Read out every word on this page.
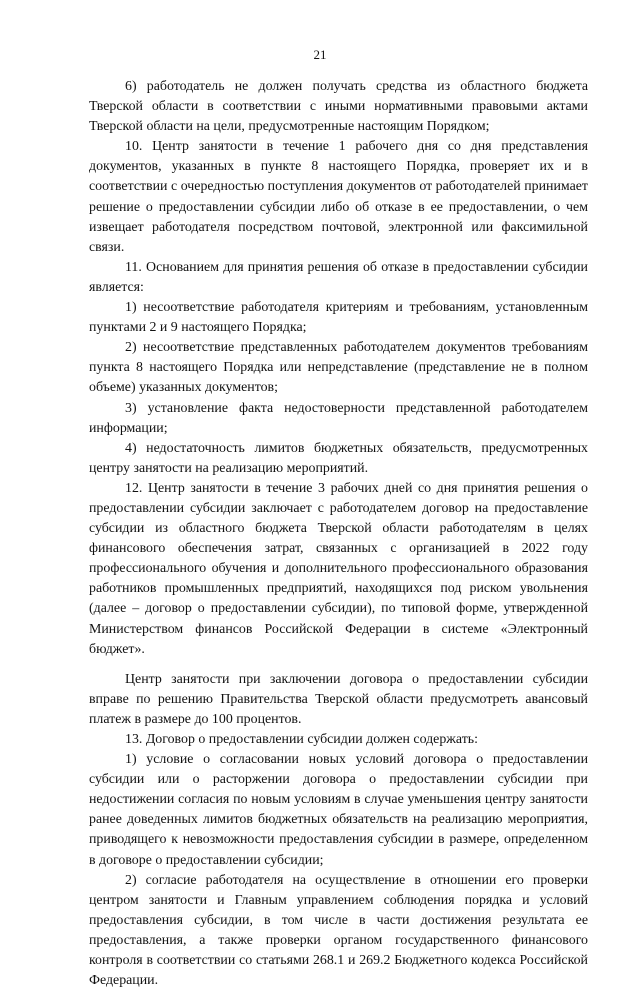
21

6) работодатель не должен получать средства из областного бюджета Тверской области в соответствии с иными нормативными правовыми актами Тверской области на цели, предусмотренные настоящим Порядком;

10. Центр занятости в течение 1 рабочего дня со дня представления документов, указанных в пункте 8 настоящего Порядка, проверяет их и в соответствии с очередностью поступления документов от работодателей принимает решение о предоставлении субсидии либо об отказе в ее предоставлении, о чем извещает работодателя посредством почтовой, электронной или факсимильной связи.

11. Основанием для принятия решения об отказе в предоставлении субсидии является:

1) несоответствие работодателя критериям и требованиям, установленным пунктами 2 и 9 настоящего Порядка;

2) несоответствие представленных работодателем документов требованиям пункта 8 настоящего Порядка или непредставление (представление не в полном объеме) указанных документов;

3) установление факта недостоверности представленной работодателем информации;

4) недостаточность лимитов бюджетных обязательств, предусмотренных центру занятости на реализацию мероприятий.

12. Центр занятости в течение 3 рабочих дней со дня принятия решения о предоставлении субсидии заключает с работодателем договор на предоставление субсидии из областного бюджета Тверской области работодателям в целях финансового обеспечения затрат, связанных с организацией в 2022 году профессионального обучения и дополнительного профессионального образования работников промышленных предприятий, находящихся под риском увольнения (далее – договор о предоставлении субсидии), по типовой форме, утвержденной Министерством финансов Российской Федерации в системе «Электронный бюджет».

Центр занятости при заключении договора о предоставлении субсидии вправе по решению Правительства Тверской области предусмотреть авансовый платеж в размере до 100 процентов.

13. Договор о предоставлении субсидии должен содержать:

1) условие о согласовании новых условий договора о предоставлении субсидии или о расторжении договора о предоставлении субсидии при недостижении согласия по новым условиям в случае уменьшения центру занятости ранее доведенных лимитов бюджетных обязательств на реализацию мероприятия, приводящего к невозможности предоставления субсидии в размере, определенном в договоре о предоставлении субсидии;

2) согласие работодателя на осуществление в отношении его проверки центром занятости и Главным управлением соблюдения порядка и условий предоставления субсидии, в том числе в части достижения результата ее предоставления, а также проверки органом государственного финансового контроля в соответствии со статьями 268.1 и 269.2 Бюджетного кодекса Российской Федерации.
